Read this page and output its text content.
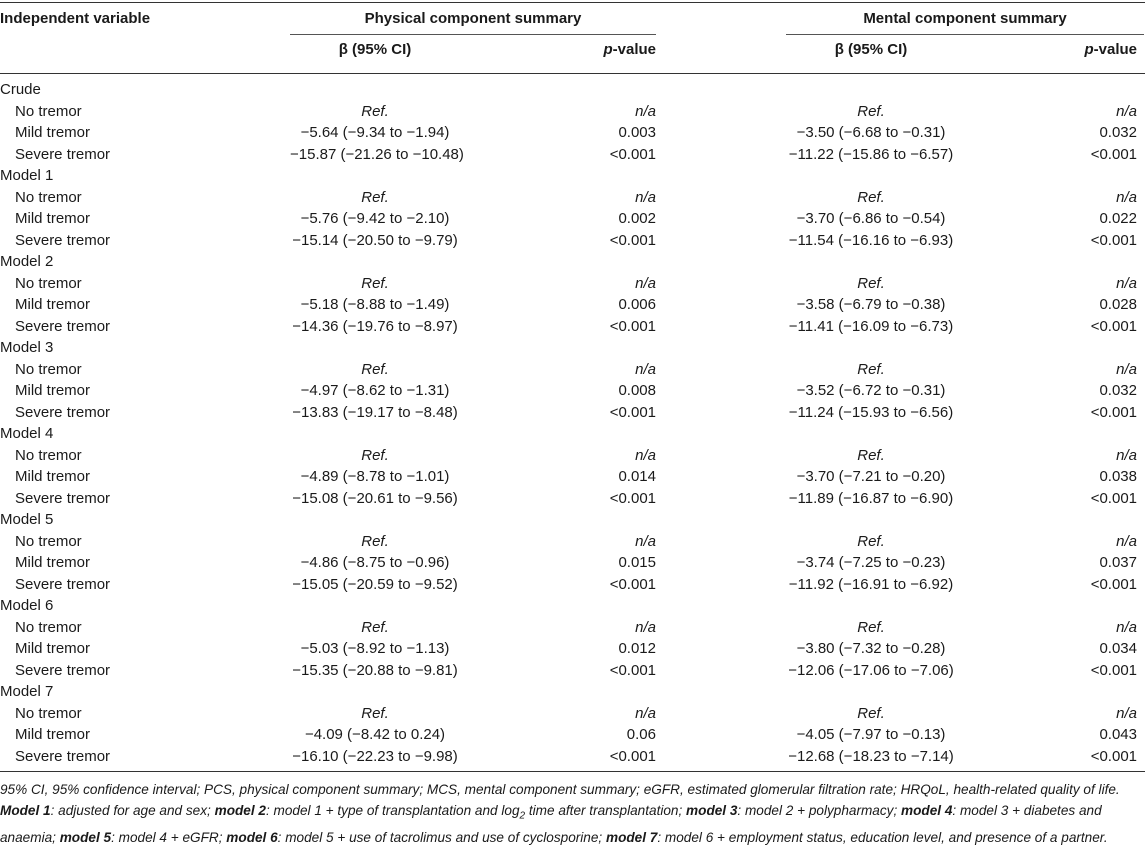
Independent variable	Physical component summary	Mental component summary
β (95% CI)	p-value	β (95% CI)	p-value
Crude
No tremor	Ref.	n/a	Ref.	n/a
Mild tremor	−5.64 (−9.34 to −1.94)	0.003	−3.50 (−6.68 to −0.31)	0.032
Severe tremor	−15.87 (−21.26 to −10.48)	<0.001	−11.22 (−15.86 to −6.57)	<0.001
Model 1
No tremor	Ref.	n/a	Ref.	n/a
Mild tremor	−5.76 (−9.42 to −2.10)	0.002	−3.70 (−6.86 to −0.54)	0.022
Severe tremor	−15.14 (−20.50 to −9.79)	<0.001	−11.54 (−16.16 to −6.93)	<0.001
Model 2
No tremor	Ref.	n/a	Ref.	n/a
Mild tremor	−5.18 (−8.88 to −1.49)	0.006	−3.58 (−6.79 to −0.38)	0.028
Severe tremor	−14.36 (−19.76 to −8.97)	<0.001	−11.41 (−16.09 to −6.73)	<0.001
Model 3
No tremor	Ref.	n/a	Ref.	n/a
Mild tremor	−4.97 (−8.62 to −1.31)	0.008	−3.52 (−6.72 to −0.31)	0.032
Severe tremor	−13.83 (−19.17 to −8.48)	<0.001	−11.24 (−15.93 to −6.56)	<0.001
Model 4
No tremor	Ref.	n/a	Ref.	n/a
Mild tremor	−4.89 (−8.78 to −1.01)	0.014	−3.70 (−7.21 to −0.20)	0.038
Severe tremor	−15.08 (−20.61 to −9.56)	<0.001	−11.89 (−16.87 to −6.90)	<0.001
Model 5
No tremor	Ref.	n/a	Ref.	n/a
Mild tremor	−4.86 (−8.75 to −0.96)	0.015	−3.74 (−7.25 to −0.23)	0.037
Severe tremor	−15.05 (−20.59 to −9.52)	<0.001	−11.92 (−16.91 to −6.92)	<0.001
Model 6
No tremor	Ref.	n/a	Ref.	n/a
Mild tremor	−5.03 (−8.92 to −1.13)	0.012	−3.80 (−7.32 to −0.28)	0.034
Severe tremor	−15.35 (−20.88 to −9.81)	<0.001	−12.06 (−17.06 to −7.06)	<0.001
Model 7
No tremor	Ref.	n/a	Ref.	n/a
Mild tremor	−4.09 (−8.42 to 0.24)	0.06	−4.05 (−7.97 to −0.13)	0.043
Severe tremor	−16.10 (−22.23 to −9.98)	<0.001	−12.68 (−18.23 to −7.14)	<0.001
95% CI, 95% confidence interval; PCS, physical component summary; MCS, mental component summary; eGFR, estimated glomerular filtration rate; HRQoL, health-related quality of life.
Model 1: adjusted for age and sex; model 2: model 1 + type of transplantation and $\log_2$ time after transplantation; model 3: model 2 + polypharmacy; model 4: model 3 + diabetes and anaemia; model 5: model 4 + eGFR; model 6: model 5 + use of tacrolimus and use of cyclosporine; model 7: model 6 + employment status, education level, and presence of a partner.
